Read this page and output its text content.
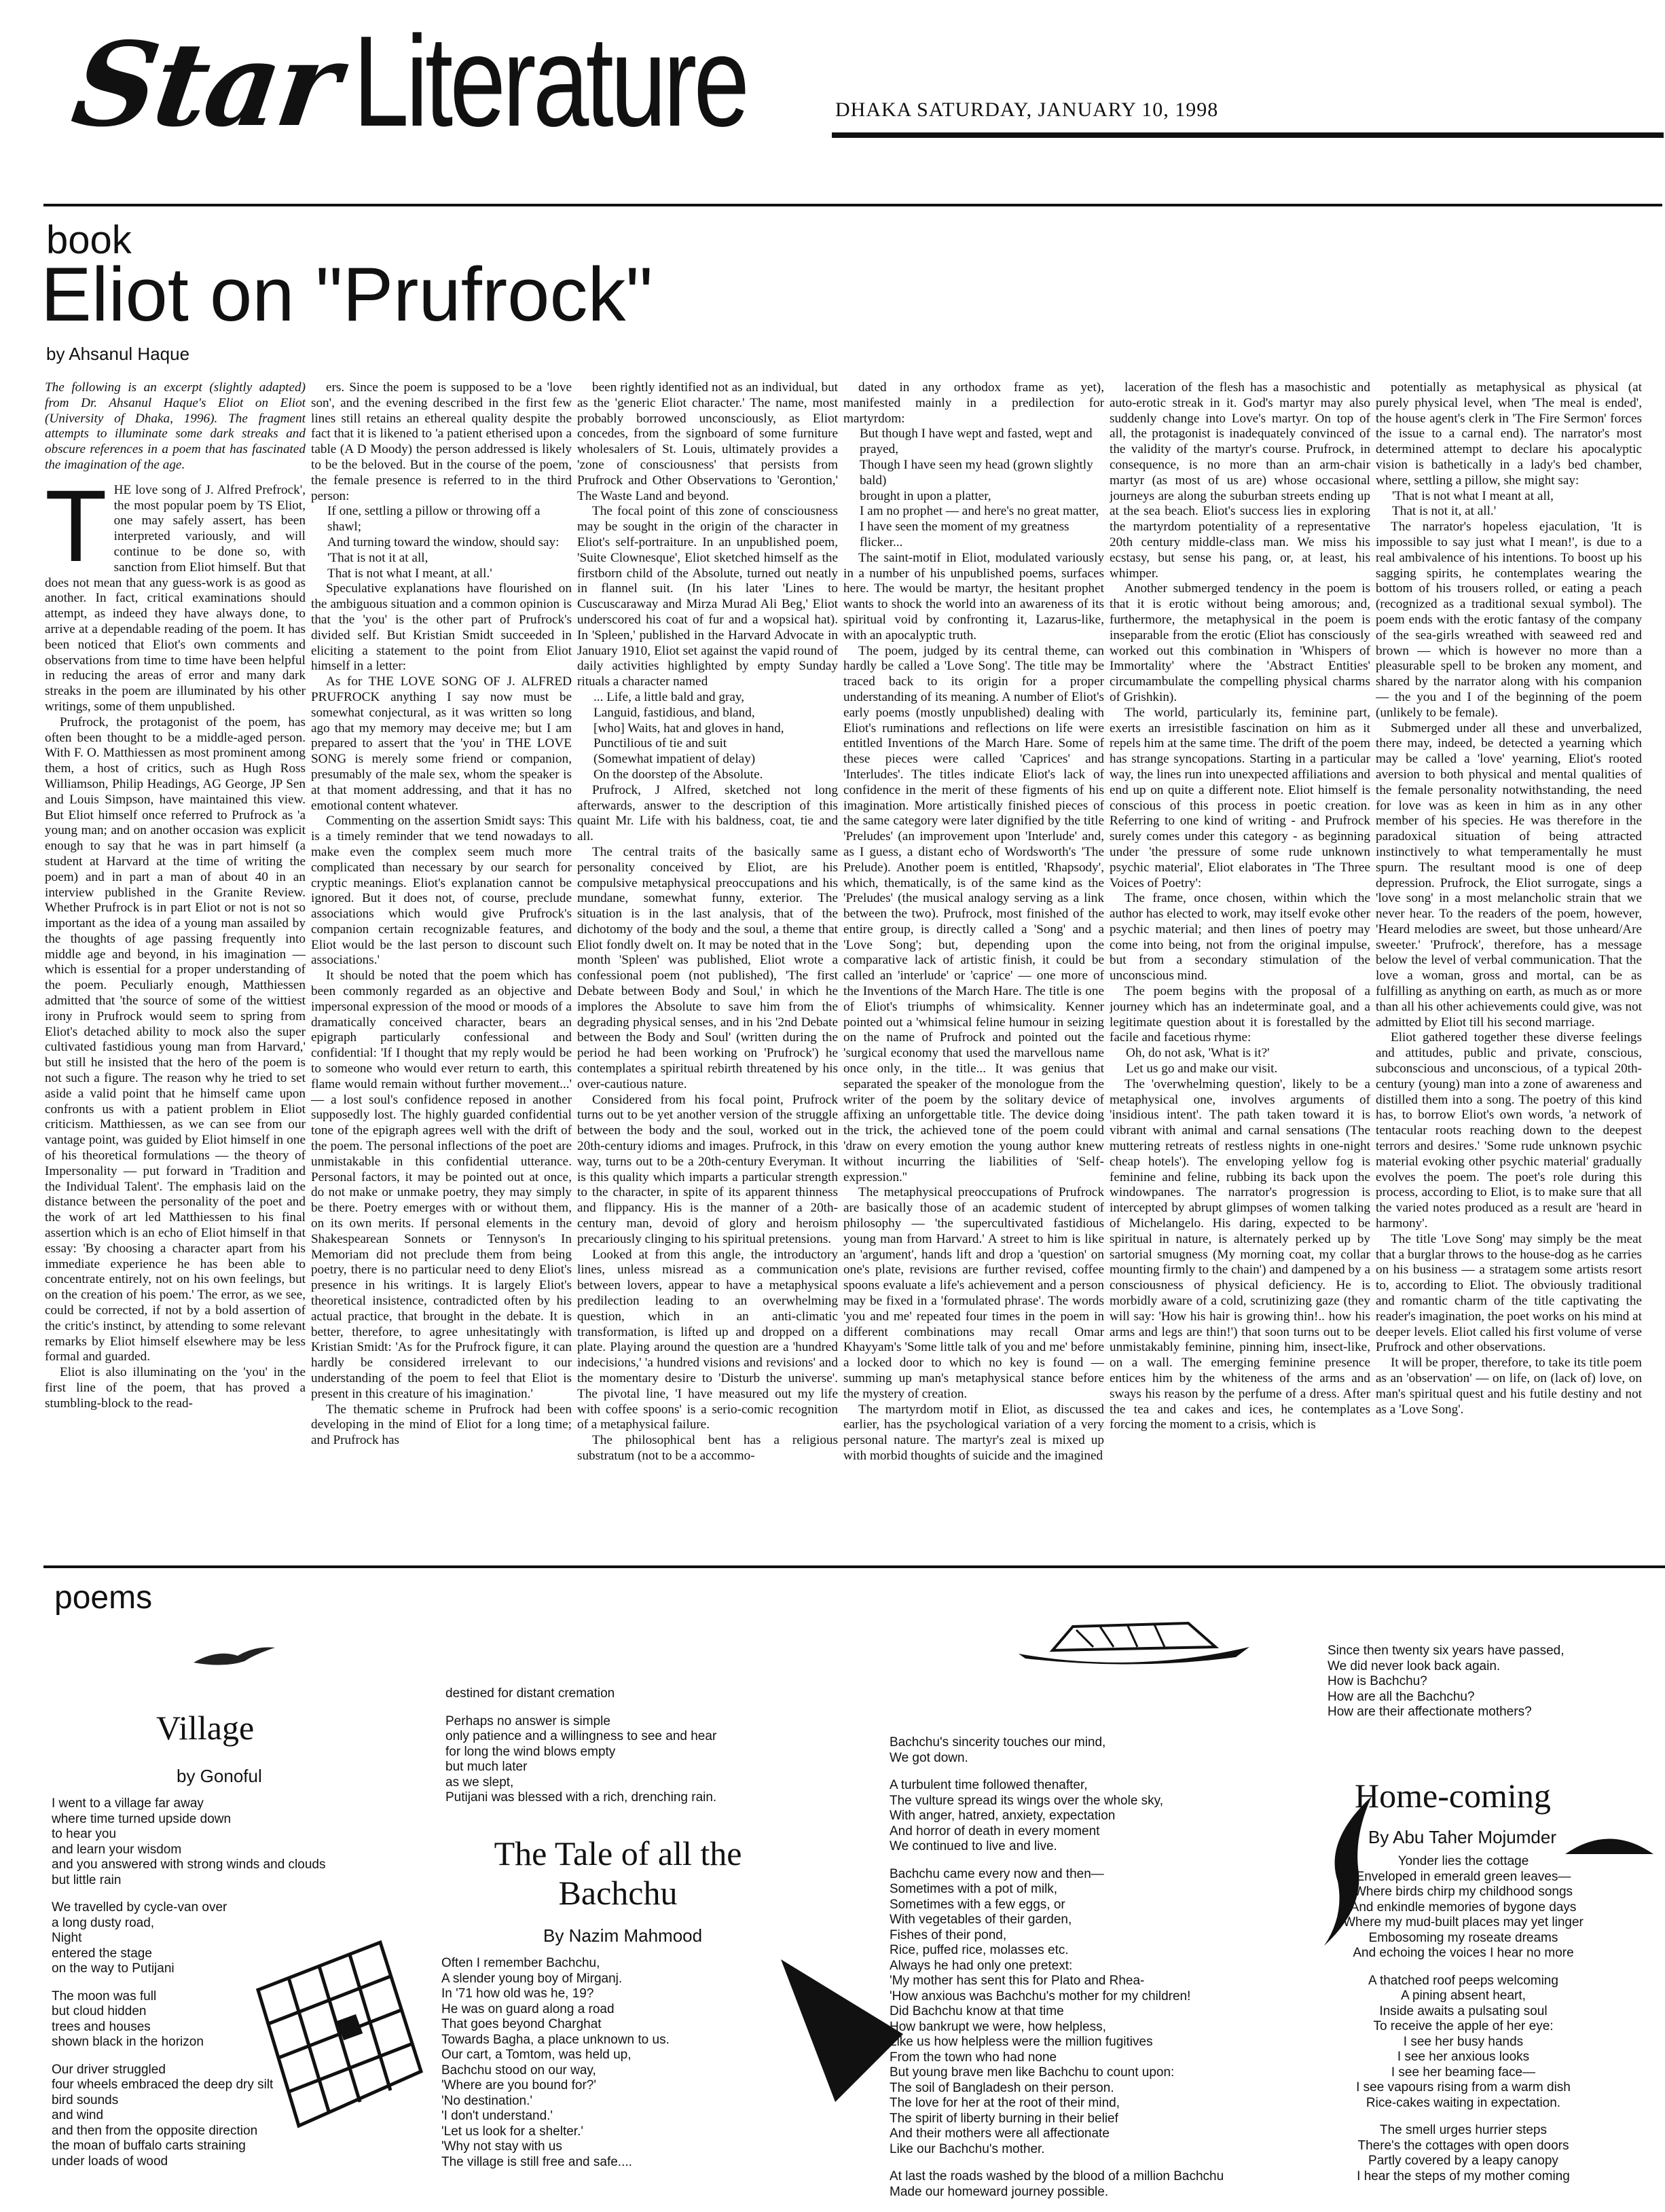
Star Literature	DHAKA SATURDAY, JANUARY 10, 1998
book
Eliot on "Prufrock"
by Ahsanul Haque

The following is an excerpt (slightly adapted) from Dr. Ahsanul Haque's Eliot on Eliot (University of Dhaka, 1996). The fragment attempts to illuminate some dark streaks and obscure references in a poem that has fascinated the imagination of the age.

T HE love song of J. Alfred Prefrock', the most popular poem by TS Eliot, one may safely assert, has been interpreted variously, and will continue to be done so, with sanction from Eliot himself. But that does not mean that any guess-work is as good as another. In fact, critical examinations should attempt, as indeed they have always done, to arrive at a dependable reading of the poem. It has been noticed that Eliot's own comments and observations from time to time have been helpful in reducing the areas of error and many dark streaks in the poem are illuminated by his other writings, some of them unpublished.

Prufrock, the protagonist of the poem, has often been thought to be a middle-aged person. With F. O. Matthiessen as most prominent among them, a host of critics, such as Hugh Ross Williamson, Philip Headings, AG George, JP Sen and Louis Simpson, have maintained this view. But Eliot himself once referred to Prufrock as 'a young man; and on another occasion was explicit enough to say that he was in part himself (a student at Harvard at the time of writing the poem) and in part a man of about 40 in an interview published in the Granite Review. Whether Prufrock is in part Eliot or not is not so important as the idea of a young man assailed by the thoughts of age passing frequently into middle age and beyond, in his imagination — which is essential for a proper understanding of the poem. Peculiarly enough, Matthiessen admitted that 'the source of some of the wittiest irony in Prufrock would seem to spring from Eliot's detached ability to mock also the super cultivated fastidious young man from Harvard,' but still he insisted that the hero of the poem is not such a figure. The reason why he tried to set aside a valid point that he himself came upon confronts us with a patient problem in Eliot criticism. Matthiessen, as we can see from our vantage point, was guided by Eliot himself in one of his theoretical formulations — the theory of Impersonality — put forward in 'Tradition and the Individual Talent'. The emphasis laid on the distance between the personality of the poet and the work of art led Matthiessen to his final assertion which is an echo of Eliot himself in that essay: 'By choosing a character apart from his immediate experience he has been able to concentrate entirely, not on his own feelings, but on the creation of his poem.' The error, as we see, could be corrected, if not by a bold assertion of the critic's instinct, by attending to some relevant remarks by Eliot himself elsewhere may be less formal and guarded.

Eliot is also illuminating on the 'you' in the first line of the poem, that has proved a stumbling-block to the read-

ers. Since the poem is supposed to be a 'love son', and the evening described in the first few lines still retains an ethereal quality despite the fact that it is likened to 'a patient etherised upon a table (A D Moody) the person addressed is likely to be the beloved. But in the course of the poem, the female presence is referred to in the third person:

If one, settling a pillow or throwing off a shawl;

And turning toward the window, should say:

'That is not it at all,

That is not what I meant, at all.'

Speculative explanations have flourished on the ambiguous situation and a common opinion is that the 'you' is the other part of Prufrock's divided self. But Kristian Smidt succeeded in eliciting a statement to the point from Eliot himself in a letter:

As for THE LOVE SONG OF J. ALFRED PRUFROCK anything I say now must be somewhat conjectural, as it was written so long ago that my memory may deceive me; but I am prepared to assert that the 'you' in THE LOVE SONG is merely some friend or companion, presumably of the male sex, whom the speaker is at that moment addressing, and that it has no emotional content whatever.

Commenting on the assertion Smidt says: This is a timely reminder that we tend nowadays to make even the complex seem much more complicated than necessary by our search for cryptic meanings. Eliot's explanation cannot be ignored. But it does not, of course, preclude associations which would give Prufrock's companion certain recognizable features, and Eliot would be the last person to discount such associations.'

It should be noted that the poem which has been commonly regarded as an objective and impersonal expression of the mood or moods of a dramatically conceived character, bears an epigraph particularly confessional and confidential: 'If I thought that my reply would be to someone who would ever return to earth, this flame would remain without further movement...' — a lost soul's confidence reposed in another supposedly lost. The highly guarded confidential tone of the epigraph agrees well with the drift of the poem. The personal inflections of the poet are unmistakable in this confidential utterance. Personal factors, it may be pointed out at once, do not make or unmake poetry, they may simply be there. Poetry emerges with or without them, on its own merits. If personal elements in the Shakespearean Sonnets or Tennyson's In Memoriam did not preclude them from being poetry, there is no particular need to deny Eliot's presence in his writings. It is largely Eliot's theoretical insistence, contradicted often by his actual practice, that brought in the debate. It is better, therefore, to agree unhesitatingly with Kristian Smidt: 'As for the Prufrock figure, it can hardly be considered irrelevant to our understanding of the poem to feel that Eliot is present in this creature of his imagination.'

The thematic scheme in Prufrock had been developing in the mind of Eliot for a long time; and Prufrock has

been rightly identified not as an individual, but as the 'generic Eliot character.' The name, most probably borrowed unconsciously, as Eliot concedes, from the signboard of some furniture wholesalers of St. Louis, ultimately provides a 'zone of consciousness' that persists from Prufrock and Other Observations to 'Gerontion,' The Waste Land and beyond.

The focal point of this zone of consciousness may be sought in the origin of the character in Eliot's self-portraiture. In an unpublished poem, 'Suite Clownesque', Eliot sketched himself as the firstborn child of the Absolute, turned out neatly in flannel suit. (In his later 'Lines to Cuscuscaraway and Mirza Murad Ali Beg,' Eliot underscored his coat of fur and a wopsical hat). In 'Spleen,' published in the Harvard Advocate in January 1910, Eliot set against the vapid round of daily activities highlighted by empty Sunday rituals a character named

... Life, a little bald and gray,

Languid, fastidious, and bland,

[who] Waits, hat and gloves in hand,

Punctilious of tie and suit

(Somewhat impatient of delay)

On the doorstep of the Absolute.

Prufrock, J Alfred, sketched not long afterwards, answer to the description of this quaint Mr. Life with his baldness, coat, tie and all.

The central traits of the basically same personality conceived by Eliot, are his compulsive metaphysical preoccupations and his mundane, somewhat funny, exterior. The situation is in the last analysis, that of the dichotomy of the body and the soul, a theme that Eliot fondly dwelt on. It may be noted that in the month 'Spleen' was published, Eliot wrote a confessional poem (not published), 'The first Debate between Body and Soul,' in which he implores the Absolute to save him from the degrading physical senses, and in his '2nd Debate between the Body and Soul' (written during the period he had been working on 'Prufrock') he contemplates a spiritual rebirth threatened by his over-cautious nature.

Considered from his focal point, Prufrock turns out to be yet another version of the struggle between the body and the soul, worked out in 20th-century idioms and images. Prufrock, in this way, turns out to be a 20th-century Everyman. It is this quality which imparts a particular strength to the character, in spite of its apparent thinness and flippancy. His is the manner of a 20th-century man, devoid of glory and heroism precariously clinging to his spiritual pretensions.

Looked at from this angle, the introductory lines, unless misread as a communication between lovers, appear to have a metaphysical predilection leading to an overwhelming question, which in an anti-climatic transformation, is lifted up and dropped on a plate. Playing around the question are a 'hundred indecisions,' 'a hundred visions and revisions' and the momentary desire to 'Disturb the universe'. The pivotal line, 'I have measured out my life with coffee spoons' is a serio-comic recognition of a metaphysical failure.

The philosophical bent has a religious substratum (not to be a accommo-

dated in any orthodox frame as yet), manifested mainly in a predilection for martyrdom:

But though I have wept and fasted, wept and prayed,

Though I have seen my head (grown slightly bald)

brought in upon a platter,

I am no prophet — and here's no great matter,

I have seen the moment of my greatness flicker...

The saint-motif in Eliot, modulated variously in a number of his unpublished poems, surfaces here. The would be martyr, the hesitant prophet wants to shock the world into an awareness of its spiritual void by confronting it, Lazarus-like, with an apocalyptic truth.

The poem, judged by its central theme, can hardly be called a 'Love Song'. The title may be traced back to its origin for a proper understanding of its meaning. A number of Eliot's early poems (mostly unpublished) dealing with Eliot's ruminations and reflections on life were entitled Inventions of the March Hare. Some of these pieces were called 'Caprices' and 'Interludes'. The titles indicate Eliot's lack of confidence in the merit of these figments of his imagination. More artistically finished pieces of the same category were later dignified by the title 'Preludes' (an improvement upon 'Interlude' and, as I guess, a distant echo of Wordsworth's 'The Prelude). Another poem is entitled, 'Rhapsody', which, thematically, is of the same kind as the 'Preludes' (the musical analogy serving as a link between the two). Prufrock, most finished of the entire group, is directly called a 'Song' and a 'Love Song'; but, depending upon the comparative lack of artistic finish, it could be called an 'interlude' or 'caprice' — one more of the Inventions of the March Hare. The title is one of Eliot's triumphs of whimsicality. Kenner pointed out a 'whimsical feline humour in seizing on the name of Prufrock and pointed out the 'surgical economy that used the marvellous name once only, in the title... It was genius that separated the speaker of the monologue from the writer of the poem by the solitary device of affixing an unforgettable title. The device doing the trick, the achieved tone of the poem could 'draw on every emotion the young author knew without incurring the liabilities of 'Self-expression.''

The metaphysical preoccupations of Prufrock are basically those of an academic student of philosophy — 'the supercultivated fastidious young man from Harvard.' A street to him is like an 'argument', hands lift and drop a 'question' on one's plate, revisions are further revised, coffee spoons evaluate a life's achievement and a person may be fixed in a 'formulated phrase'. The words 'you and me' repeated four times in the poem in different combinations may recall Omar Khayyam's 'Some little talk of you and me' before a locked door to which no key is found — summing up man's metaphysical stance before the mystery of creation.

The martyrdom motif in Eliot, as discussed earlier, has the psychological variation of a very personal nature. The martyr's zeal is mixed up with morbid thoughts of suicide and the imagined

laceration of the flesh has a masochistic and auto-erotic streak in it. God's martyr may also suddenly change into Love's martyr. On top of all, the protagonist is inadequately convinced of the validity of the martyr's course. Prufrock, in consequence, is no more than an arm-chair martyr (as most of us are) whose occasional journeys are along the suburban streets ending up at the sea beach. Eliot's success lies in exploring the martyrdom potentiality of a representative 20th century middle-class man. We miss his ecstasy, but sense his pang, or, at least, his whimper.

Another submerged tendency in the poem is that it is erotic without being amorous; and, furthermore, the metaphysical in the poem is inseparable from the erotic (Eliot has consciously worked out this combination in 'Whispers of Immortality' where the 'Abstract Entities' circumambulate the compelling physical charms of Grishkin).

The world, particularly its, feminine part, exerts an irresistible fascination on him as it repels him at the same time. The drift of the poem has strange syncopations. Starting in a particular way, the lines run into unexpected affiliations and end up on quite a different note. Eliot himself is conscious of this process in poetic creation. Referring to one kind of writing - and Prufrock surely comes under this category - as beginning under 'the pressure of some rude unknown psychic material', Eliot elaborates in 'The Three Voices of Poetry':

The frame, once chosen, within which the author has elected to work, may itself evoke other psychic material; and then lines of poetry may come into being, not from the original impulse, but from a secondary stimulation of the unconscious mind.

The poem begins with the proposal of a journey which has an indeterminate goal, and a legitimate question about it is forestalled by the facile and facetious rhyme:

Oh, do not ask, 'What is it?'

Let us go and make our visit.

The 'overwhelming question', likely to be a metaphysical one, involves arguments of 'insidious intent'. The path taken toward it is vibrant with animal and carnal sensations (The muttering retreats of restless nights in one-night cheap hotels'). The enveloping yellow fog is feminine and feline, rubbing its back upon the windowpanes. The narrator's progression is intercepted by abrupt glimpses of women talking of Michelangelo. His daring, expected to be spiritual in nature, is alternately perked up by sartorial smugness (My morning coat, my collar mounting firmly to the chain') and dampened by a consciousness of physical deficiency. He is morbidly aware of a cold, scrutinizing gaze (they will say: 'How his hair is growing thin!.. how his arms and legs are thin!') that soon turns out to be unmistakably feminine, pinning him, insect-like, on a wall. The emerging feminine presence entices him by the whiteness of the arms and sways his reason by the perfume of a dress. After the tea and cakes and ices, he contemplates forcing the moment to a crisis, which is

potentially as metaphysical as physical (at purely physical level, when 'The meal is ended', the house agent's clerk in 'The Fire Sermon' forces the issue to a carnal end). The narrator's most determined attempt to declare his apocalyptic vision is bathetically in a lady's bed chamber, where, settling a pillow, she might say:

'That is not what I meant at all,

That is not it, at all.'

The narrator's hopeless ejaculation, 'It is impossible to say just what I mean!', is due to a real ambivalence of his intentions. To boost up his sagging spirits, he contemplates wearing the bottom of his trousers rolled, or eating a peach (recognized as a traditional sexual symbol). The poem ends with the erotic fantasy of the company of the sea-girls wreathed with seaweed red and brown — which is however no more than a pleasurable spell to be broken any moment, and shared by the narrator along with his companion — the you and I of the beginning of the poem (unlikely to be female).

Submerged under all these and unverbalized, there may, indeed, be detected a yearning which may be called a 'love' yearning, Eliot's rooted aversion to both physical and mental qualities of the female personality notwithstanding, the need for love was as keen in him as in any other member of his species. He was therefore in the paradoxical situation of being attracted instinctively to what temperamentally he must spurn. The resultant mood is one of deep depression. Prufrock, the Eliot surrogate, sings a 'love song' in a most melancholic strain that we never hear. To the readers of the poem, however, 'Heard melodies are sweet, but those unheard/Are sweeter.' 'Prufrock', therefore, has a message below the level of verbal communication. That the love a woman, gross and mortal, can be as fulfilling as anything on earth, as much as or more than all his other achievements could give, was not admitted by Eliot till his second marriage.

Eliot gathered together these diverse feelings and attitudes, public and private, conscious, subconscious and unconscious, of a typical 20th-century (young) man into a zone of awareness and distilled them into a song. The poetry of this kind has, to borrow Eliot's own words, 'a network of tentacular roots reaching down to the deepest terrors and desires.' 'Some rude unknown psychic material evoking other psychic material' gradually evolves the poem. The poet's role during this process, according to Eliot, is to make sure that all the varied notes produced as a result are 'heard in harmony'.

The title 'Love Song' may simply be the meat that a burglar throws to the house-dog as he carries on his business — a stratagem some artists resort to, according to Eliot. The obviously traditional and romantic charm of the title captivating the reader's imagination, the poet works on his mind at deeper levels. Eliot called his first volume of verse Prufrock and other observations.

It will be proper, therefore, to take its title poem as an 'observation' — on life, on (lack of) love, on man's spiritual quest and his futile destiny and not as a 'Love Song'.

poems
Village
by Gonoful
I went to a village far away
where time turned upside down
to hear you
and learn your wisdom
and you answered with strong winds and clouds
but little rain
We travelled by cycle-van over
a long dusty road,
Night
entered the stage
on the way to Putijani
The moon was full
but cloud hidden
trees and houses
shown black in the horizon
Our driver struggled
four wheels embraced the deep dry silt
bird sounds
and wind
and then from the opposite direction
the moan of buffalo carts straining
under loads of wood
destined for distant cremation
Perhaps no answer is simple
only patience and a willingness to see and hear
for long the wind blows empty
but much later
as we slept,
Putijani was blessed with a rich, drenching rain.
The Tale of all the Bachchu
By Nazim Mahmood
Often I remember Bachchu,
A slender young boy of Mirganj.
In '71 how old was he, 19?
He was on guard along a road
That goes beyond Charghat
Towards Bagha, a place unknown to us.
Our cart, a Tomtom, was held up,
Bachchu stood on our way,
'Where are you bound for?'
'No destination.'
'I don't understand.'
'Let us look for a shelter.'
'Why not stay with us
The village is still free and safe....
Bachchu's sincerity touches our mind,
We got down.
A turbulent time followed thenafter,
The vulture spread its wings over the whole sky,
With anger, hatred, anxiety, expectation
And horror of death in every moment
We continued to live and live.
Bachchu came every now and then—
Sometimes with a pot of milk,
Sometimes with a few eggs, or
With vegetables of their garden,
Fishes of their pond,
Rice, puffed rice, molasses etc.
Always he had only one pretext:
'My mother has sent this for Plato and Rhea-
'How anxious was Bachchu's mother for my children!
Did Bachchu know at that time
How bankrupt we were, how helpless,
Like us how helpless were the million fugitives
From the town who had none
But young brave men like Bachchu to count upon:
The soil of Bangladesh on their person.
The love for her at the root of their mind,
The spirit of liberty burning in their belief
And their mothers were all affectionate
Like our Bachchu's mother.
At last the roads washed by the blood of a million Bachchu
Made our homeward journey possible.
Since then twenty six years have passed,
We did never look back again.
How is Bachchu?
How are all the Bachchu?
How are their affectionate mothers?
Home-coming
By Abu Taher Mojumder
Yonder lies the cottage
Enveloped in emerald green leaves—
Where birds chirp my childhood songs
And enkindle memories of bygone days
Where my mud-built places may yet linger
Embosoming my roseate dreams
And echoing the voices I hear no more
A thatched roof peeps welcoming
A pining absent heart,
Inside awaits a pulsating soul
To receive the apple of her eye:
I see her busy hands
I see her anxious looks
I see her beaming face—
I see vapours rising from a warm dish
Rice-cakes waiting in expectation.
The smell urges hurrier steps
There's the cottages with open doors
Partly covered by a leapy canopy
I hear the steps of my mother coming
